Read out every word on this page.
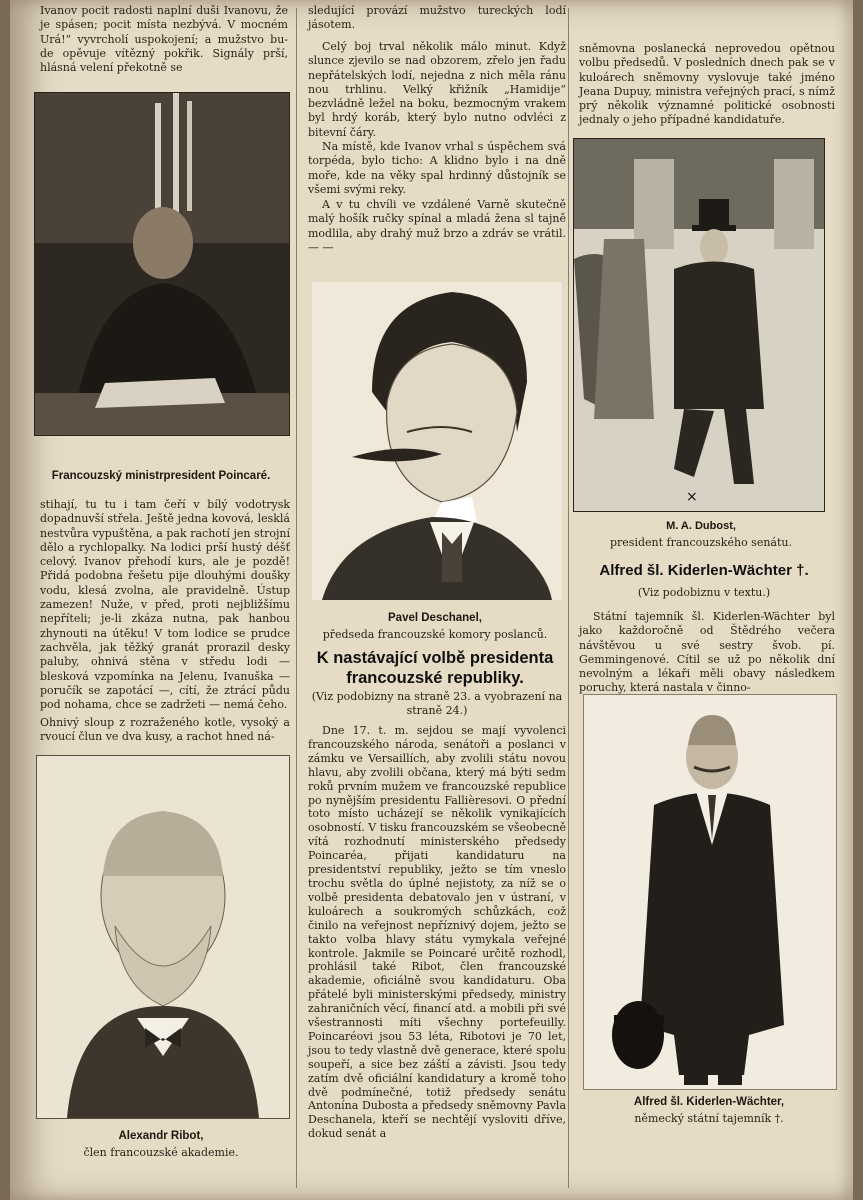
Ivanov pocit radosti naplní duši Ivanovu, že je spásen; pocit místa nezbývá. V mocném Urá!“ vyvrcholí uspokojení; a mužstvo bu- de opěvuje vítězný pokřik. Signály prší, hlásná velení překotně se

Francouzský ministrpresident Poincaré.

stihají, tu tu i tam čeří v bílý vodotrysk dopadnuvší střela. Ještě jedna kovová, lesklá nestvůra vypuštěna, a pak rachotí jen strojní dělo a rychlopalky. Na lodici prší hustý déšť celový. Ivanov přehodí kurs, ale je pozdě! Přidá podobna řešetu pije dlouhými doušky vodu, klesá zvolna, ale pravidelně. Ústup zamezen! Nuže, v před, proti nejbližšímu nepříteli; je-li zkáza nutna, pak hanbou zhynouti na útěku! V tom lodice se prudce zachvěla, jak těžký granát prorazil desky paluby, ohnivá stěna v středu lodi — blesková vzpomínka na Jelenu, Ivanuška — poručík se zapotácí —, cítí, že ztrácí půdu pod nohama, chce se zadržeti — nemá čeho.

Ohnivý sloup z rozraženého kotle, vysoký a rvoucí člun ve dva kusy, a rachot hned ná-

Alexandr Ribot,

člen francouzské akademie.

sledující provází mužstvo tureckých lodí jásotem.

Celý boj trval několik málo minut. Když slunce zjevilo se nad obzorem, zřelo jen řadu nepřátelských lodí, nejedna z nich měla ránu nou trhlinu. Velký křižník „Hamidije“ bezvládně ležel na boku, bezmocným vrakem byl hrdý koráb, který bylo nutno odvléci z bitevní čáry.

Na místě, kde Ivanov vrhal s úspěchem svá torpéda, bylo ticho: A klidno bylo i na dně moře, kde na věky spal hrdinný důstojník se všemi svými reky.

A v tu chvíli ve vzdálené Varně skutečně malý hošík ručky spínal a mladá žena sl tajně modlila, aby drahý muž brzo a zdráv se vrátil. — —

Pavel Deschanel,

předseda francouzské komory poslanců.

K nastávající volbě presidenta francouzské republiky.

(Viz podobizny na straně 23. a vyobrazení na straně 24.)

Dne 17. t. m. sejdou se mají vyvolenci francouzského národa, senátoři a poslanci v zámku ve Versaillích, aby zvolili státu novou hlavu, aby zvolili občana, který má býti sedm roků prvním mužem ve francouzské republice po nynějším presidentu Fallièresovi. O přední toto místo ucházejí se několik vynikajících osobností. V tisku francouzském se všeobecně vítá rozhodnutí ministerského předsedy Poincaréa, přijati kandidaturu na presidentství republiky, ježto se tím vneslo trochu světla do úplné nejistoty, za níž se o volbě presidenta debatovalo jen v ústraní, v kuloárech a soukromých schůzkách, což činilo na veřejnost nepříznivý dojem, ježto se takto volba hlavy státu vymykala veřejné kontrole. Jakmile se Poincaré určitě rozhodl, prohlásil také Ribot, člen francouzské akademie, oficiálně svou kandidaturu. Oba přátelé byli ministerskými předsedy, ministry zahraničních věcí, financí atd. a mobili při své všestrannosti míti všechny portefeuilly. Poincaréovi jsou 53 léta, Ribotovi je 70 let, jsou to tedy vlastně dvě generace, které spolu soupeří, a sice bez záští a závisti. Jsou tedy zatím dvě oficiální kandidatury a kromě toho dvě podmínečné, totiž předsedy senátu Antonína Dubosta a předsedy sněmovny Pavla Deschanela, kteří se nechtějí vysloviti dříve, dokud senát a

sněmovna poslanecká neprovedou opětnou volbu předsedů. V posledních dnech pak se v kuloárech sněmovny vyslovuje také jméno Jeana Dupuy, ministra veřejných prací, s nímž prý několik významné politické osobnosti jednaly o jeho případné kandidatuře.

×

M. A. Dubost,

president francouzského senátu.

Alfred šl. Kiderlen-Wächter †.

(Viz podobiznu v textu.)

Státní tajemník šl. Kiderlen-Wächter byl jako každoročně od Štědrého večera návštěvou u své sestry švob. pí. Gemmingenové. Cítil se už po několik dní nevolným a lékaři měli obavy následkem poruchy, která nastala v činno-

Alfred šl. Kiderlen-Wächter,

německý státní tajemník †.
